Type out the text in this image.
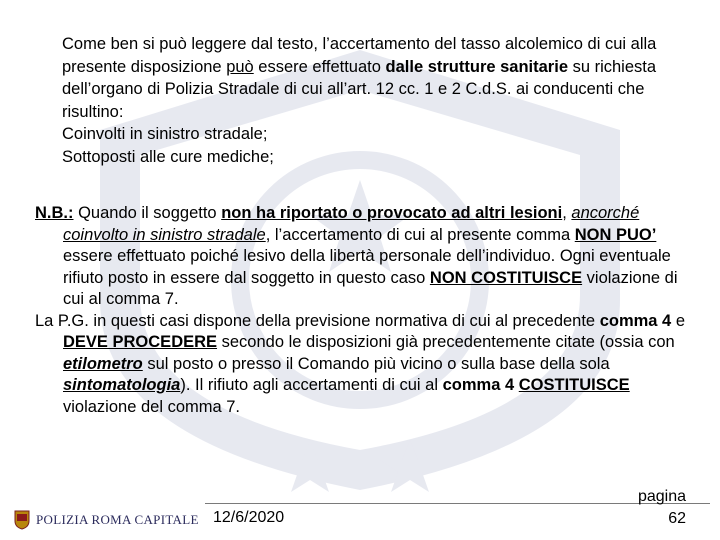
Come ben si può leggere dal testo, l’accertamento del tasso alcolemico di cui alla presente disposizione può essere effettuato dalle strutture sanitarie su richiesta dell’organo di Polizia Stradale di cui all’art. 12 cc. 1 e 2 C.d.S. ai conducenti che risultino:

Coinvolti in sinistro stradale;

Sottoposti alle cure mediche;

N.B.: Quando il soggetto non ha riportato o provocato ad altri lesioni, ancorché coinvolto in sinistro stradale, l’accertamento di cui al presente comma NON PUO’ essere effettuato poiché lesivo della libertà personale dell’individuo. Ogni eventuale rifiuto posto in essere dal soggetto in questo caso NON COSTITUISCE violazione di cui al comma 7.

La P.G. in questi casi dispone della previsione normativa di cui al precedente comma 4 e DEVE PROCEDERE secondo le disposizioni già precedentemente citate (ossia con etilometro sul posto o presso il Comando più vicino o sulla base della sola sintomatologia). Il rifiuto agli accertamenti di cui al comma 4 COSTITUISCE violazione del comma 7.

POLIZIA ROMA CAPITALE 12/6/2020
pagina
62
